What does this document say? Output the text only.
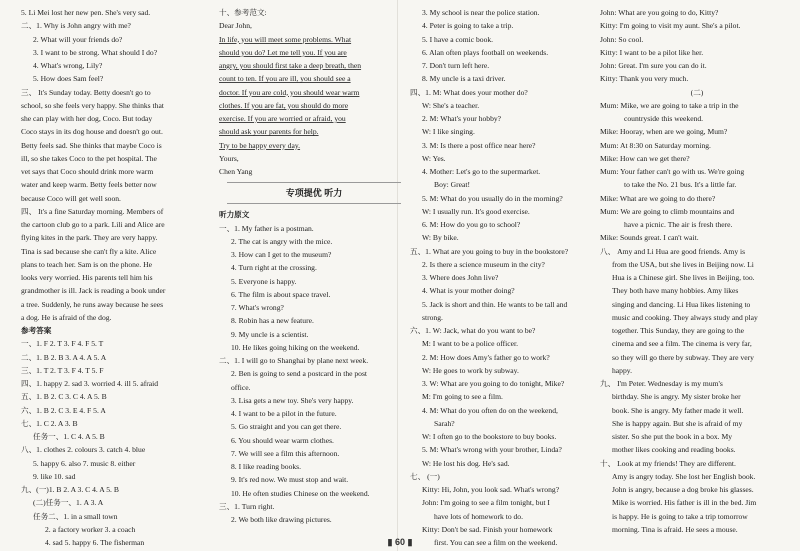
5. Li Mei lost her new pen. She's very sad.
二、1. Why is John angry with me?
2. What will your friends do?
3. I want to be strong. What should I do?
4. What's wrong, Lily?
5. How does Sam feel?
三、 It's Sunday today. Betty doesn't go to
school, so she feels very happy. She thinks that
she can play with her dog, Coco. But today
Coco stays in its dog house and doesn't go out.
Betty feels sad. She thinks that maybe Coco is
ill, so she takes Coco to the pet hospital. The
vet says that Coco should drink more warm
water and keep warm. Betty feels better now
because Coco will get well soon.
四、 It's a fine Saturday morning. Members of
the cartoon club go to a park. Lili and Alice are
flying kites in the park. They are very happy.
Tina is sad because she can't fly a kite. Alice
plans to teach her. Sam is on the phone. He
looks very worried. His parents tell him his
grandmother is ill. Jack is reading a book under
a tree. Suddenly, he runs away because he sees
a dog. He is afraid of the dog.
参考答案
一、1. F 2. T 3. F 4. F 5. T
二、1. B 2. B 3. A 4. A 5. A
三、1. T 2. T 3. F 4. T 5. F
四、1. happy 2. sad 3. worried 4. ill 5. afraid
五、1. B 2. C 3. C 4. A 5. B
六、1. B 2. C 3. E 4. F 5. A
七、1. C 2. A 3. B
任务一、1. C 4. A 5. B
八、1. clothes 2. colours 3. catch 4. blue
5. happy 6. also 7. music 8. either
9. like 10. sad
九、(一)1. B 2. A 3. C 4. A 5. B
(二)任务一、1. A 3. A
任务二、1. in a small town
2. a factory worker 3. a coach
4. sad 5. happy 6. The fisherman
十、参考范文:
Dear John,
In life, you will meet some problems. What
should you do? Let me tell you. If you are
angry, you should first take a deep breath, then
count to ten. If you are ill, you should see a
doctor. If you are cold, you should wear warm
clothes. If you are fat, you should do more
exercise. If you are worried or afraid, you
should ask your parents for help.
Try to be happy every day.
Yours,
Chen Yang
专项提优 听力
听力原文
一、1. My father is a postman.
2. The cat is angry with the mice.
3. How can I get to the museum?
4. Turn right at the crossing.
5. Everyone is happy.
6. The film is about space travel.
7. What's wrong?
8. Robin has a new feature.
9. My uncle is a scientist.
10. He likes going hiking on the weekend.
二、1. I will go to Shanghai by plane next week.
2. Ben is going to send a postcard in the post
office.
3. Lisa gets a new toy. She's very happy.
4. I want to be a pilot in the future.
5. Go straight and you can get there.
6. You should wear warm clothes.
7. We will see a film this afternoon.
8. I like reading books.
9. It's red now. We must stop and wait.
10. He often studies Chinese on the weekend.
三、1. Turn right.
2. We both like drawing pictures.
3. My school is near the police station.
4. Peter is going to take a trip.
5. I have a comic book.
6. Alan often plays football on weekends.
7. Don't turn left here.
8. My uncle is a taxi driver.
四、1. M: What does your mother do?
W: She's a teacher.
2. M: What's your hobby?
W: I like singing.
3. M: Is there a post office near here?
W: Yes.
4. Mother: Let's go to the supermarket.
Boy: Great!
5. M: What do you usually do in the morning?
W: I usually run. It's good exercise.
6. M: How do you go to school?
W: By bike.
五、1. What are you going to buy in the bookstore?
2. Is there a science museum in the city?
3. Where does John live?
4. What is your mother doing?
5. Jack is short and thin. He wants to be tall and
strong.
六、1. W: Jack, what do you want to be?
M: I want to be a police officer.
2. M: How does Amy's father go to work?
W: He goes to work by subway.
3. W: What are you going to do tonight, Mike?
M: I'm going to see a film.
4. M: What do you often do on the weekend,
Sarah?
W: I often go to the bookstore to buy books.
5. M: What's wrong with your brother, Linda?
W: He lost his dog. He's sad.
七、 (一)
Kitty: Hi, John, you look sad. What's wrong?
John: I'm going to see a film tonight, but I
have lots of homework to do.
Kitty: Don't be sad. Finish your homework
first. You can see a film on the weekend.
John: What are you going to do, Kitty?
Kitty: I'm going to visit my aunt. She's a pilot.
John: So cool.
Kitty: I want to be a pilot like her.
John: Great. I'm sure you can do it.
Kitty: Thank you very much.
(二)
Mum: Mike, we are going to take a trip in the
countryside this weekend.
Mike: Hooray, when are we going, Mum?
Mum: At 8:30 on Saturday morning.
Mike: How can we get there?
Mum: Your father can't go with us. We're going
to take the No. 21 bus. It's a little far.
Mike: What are we going to do there?
Mum: We are going to climb mountains and
have a picnic. The air is fresh there.
Mike: Sounds great. I can't wait.
八、 Amy and Li Hua are good friends. Amy is
from the USA, but she lives in Beijing now. Li
Hua is a Chinese girl. She lives in Beijing, too.
They both have many hobbies. Amy likes
singing and dancing. Li Hua likes listening to
music and cooking. They always study and play
together. This Sunday, they are going to the
cinema and see a film. The cinema is very far,
so they will go there by subway. They are very
happy.
九、 I'm Peter. Wednesday is my mum's
birthday. She is angry. My sister broke her
book. She is angry. My father made it well.
She is happy again. But she is afraid of my
sister. So she put the book in a box. My
mother likes cooking and reading books.
十、 Look at my friends! They are different.
Amy is angry today. She lost her English book.
John is angry, because a dog broke his glasses.
Mike is worried. His father is ill in the bed. Jim
is happy. He is going to take a trip tomorrow
morning. Tina is afraid. He sees a mouse.
▮ 60 ▮
